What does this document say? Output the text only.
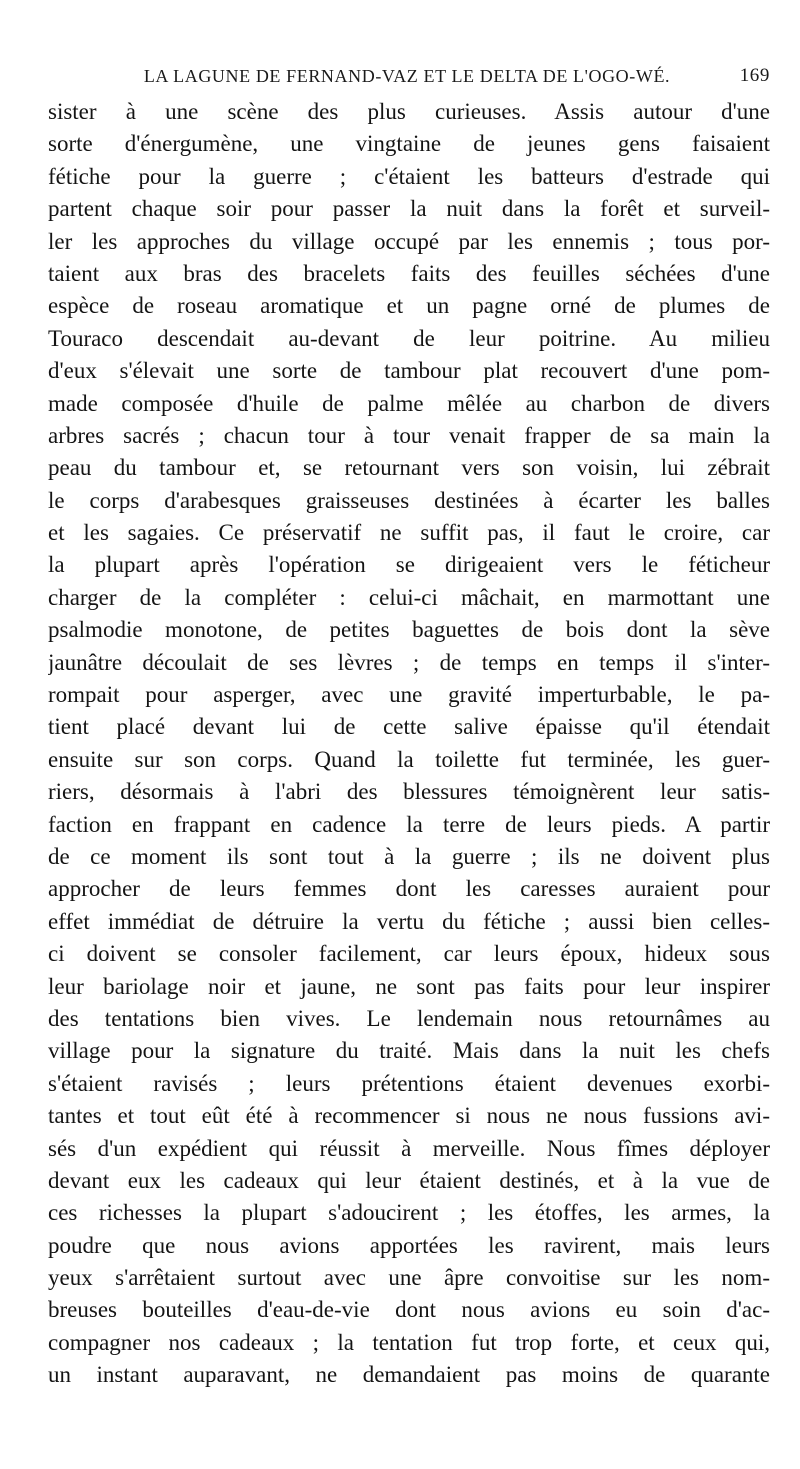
LA LAGUNE DE FERNAND-VAZ ET LE DELTA DE L'OGO-WÉ.	169
sister à une scène des plus curieuses. Assis autour d'une
sorte d'énergumène, une vingtaine de jeunes gens faisaient
fétiche pour la guerre ; c'étaient les batteurs d'estrade qui
partent chaque soir pour passer la nuit dans la forêt et surveil-
ler les approches du village occupé par les ennemis ; tous por-
taient aux bras des bracelets faits des feuilles séchées d'une
espèce de roseau aromatique et un pagne orné de plumes de
Touraco descendait au-devant de leur poitrine. Au milieu
d'eux s'élevait une sorte de tambour plat recouvert d'une pom-
made composée d'huile de palme mêlée au charbon de divers
arbres sacrés ; chacun tour à tour venait frapper de sa main la
peau du tambour et, se retournant vers son voisin, lui zébrait
le corps d'arabesques graisseuses destinées à écarter les balles
et les sagaies. Ce préservatif ne suffit pas, il faut le croire, car
la plupart après l'opération se dirigeaient vers le féticheur
charger de la compléter : celui-ci mâchait, en marmottant une
psalmodie monotone, de petites baguettes de bois dont la sève
jaunâtre découlait de ses lèvres ; de temps en temps il s'inter-
rompait pour asperger, avec une gravité imperturbable, le pa-
tient placé devant lui de cette salive épaisse qu'il étendait
ensuite sur son corps. Quand la toilette fut terminée, les guer-
riers, désormais à l'abri des blessures témoignèrent leur satis-
faction en frappant en cadence la terre de leurs pieds. A partir
de ce moment ils sont tout à la guerre ; ils ne doivent plus
approcher de leurs femmes dont les caresses auraient pour
effet immédiat de détruire la vertu du fétiche ; aussi bien celles-
ci doivent se consoler facilement, car leurs époux, hideux sous
leur bariolage noir et jaune, ne sont pas faits pour leur inspirer
des tentations bien vives. Le lendemain nous retournâmes au
village pour la signature du traité. Mais dans la nuit les chefs
s'étaient ravisés ; leurs prétentions étaient devenues exorbi-
tantes et tout eût été à recommencer si nous ne nous fussions avi-
sés d'un expédient qui réussit à merveille. Nous fîmes déployer
devant eux les cadeaux qui leur étaient destinés, et à la vue de
ces richesses la plupart s'adoucirent ; les étoffes, les armes, la
poudre que nous avions apportées les ravirent, mais leurs
yeux s'arrêtaient surtout avec une âpre convoitise sur les nom-
breuses bouteilles d'eau-de-vie dont nous avions eu soin d'ac-
compagner nos cadeaux ; la tentation fut trop forte, et ceux qui,
un instant auparavant, ne demandaient pas moins de quarante
